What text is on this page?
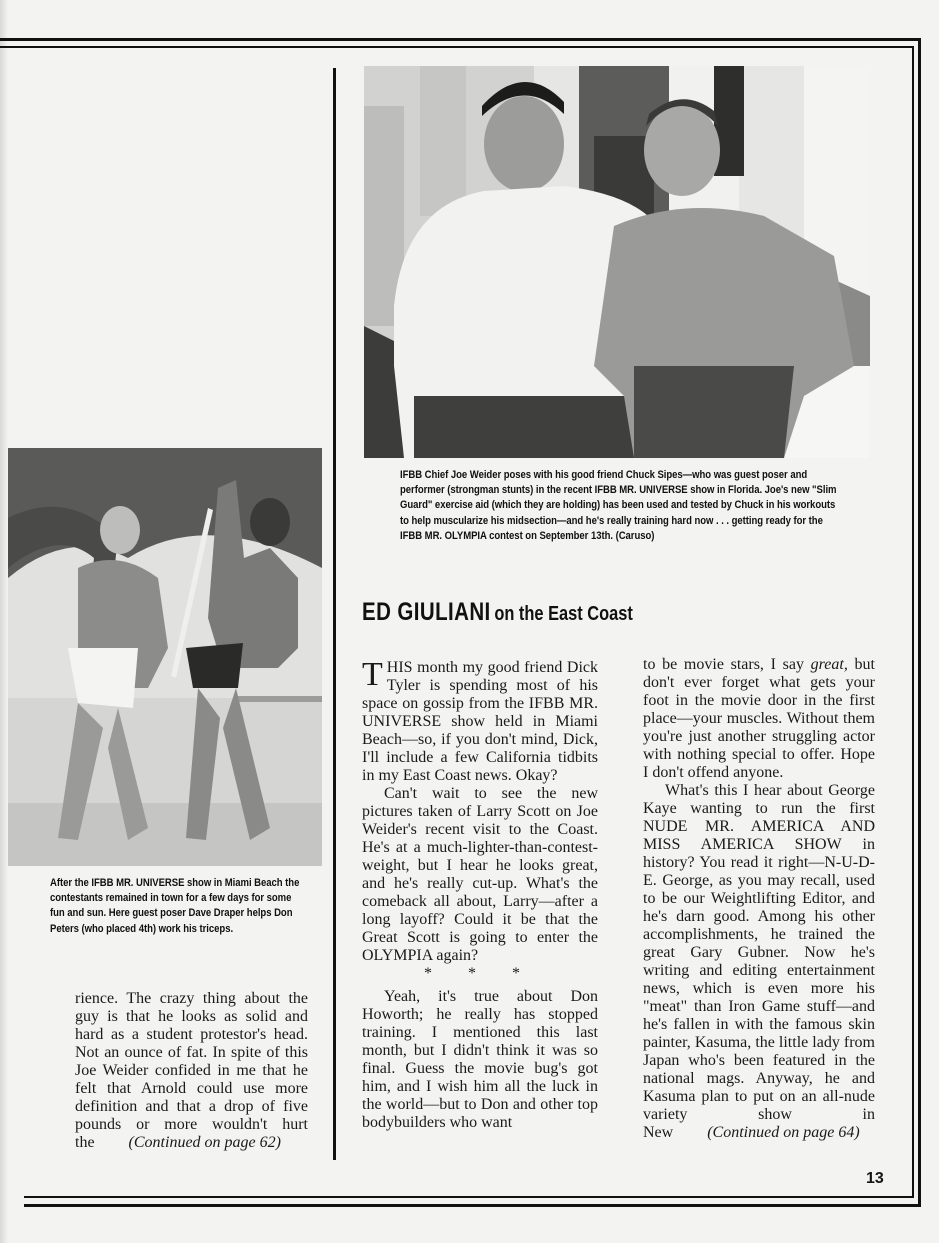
IFBB Chief Joe Weider poses with his good friend Chuck Sipes—who was guest poser and performer (strongman stunts) in the recent IFBB MR. UNIVERSE show in Florida. Joe's new "Slim Guard" exercise aid (which they are holding) has been used and tested by Chuck in his workouts to help muscularize his midsection—and he's really training hard now . . . getting ready for the IFBB MR. OLYMPIA contest on September 13th. (Caruso)

After the IFBB MR. UNIVERSE show in Miami Beach the contestants remained in town for a few days for some fun and sun. Here guest poser Dave Draper helps Don Peters (who placed 4th) work his triceps.

rience. The crazy thing about the guy is that he looks as solid and hard as a student protestor's head. Not an ounce of fat. In spite of this Joe Weider confided in me that he felt that Arnold could use more definition and that a drop of five pounds or more wouldn't hurt

the (Continued on page 62)

ED GIULIANI on the East Coast

THIS month my good friend Dick Tyler is spending most of his space on gossip from the IFBB MR. UNIVERSE show held in Miami Beach—so, if you don't mind, Dick, I'll include a few California tidbits in my East Coast news. Okay?

Can't wait to see the new pictures taken of Larry Scott on Joe Weider's recent visit to the Coast. He's at a much-lighter-than-contest-weight, but I hear he looks great, and he's really cut-up. What's the comeback all about, Larry—after a long layoff? Could it be that the Great Scott is going to enter the OLYMPIA again?

* * *

Yeah, it's true about Don Howorth; he really has stopped training. I mentioned this last month, but I didn't think it was so final. Guess the movie bug's got him, and I wish him all the luck in the world—but to Don and other top bodybuilders who want

to be movie stars, I say great, but don't ever forget what gets your foot in the movie door in the first place—your muscles. Without them you're just another struggling actor with nothing special to offer. Hope I don't offend anyone.

What's this I hear about George Kaye wanting to run the first NUDE MR. AMERICA AND MISS AMERICA SHOW in history? You read it right—N-U-D-E. George, as you may recall, used to be our Weightlifting Editor, and he's darn good. Among his other accomplishments, he trained the great Gary Gubner. Now he's writing and editing entertainment news, which is even more his "meat" than Iron Game stuff—and he's fallen in with the famous skin painter, Kasuma, the little lady from Japan who's been featured in the national mags. Anyway, he and Kasuma plan to put on an all-nude variety show in

New (Continued on page 64)

13
